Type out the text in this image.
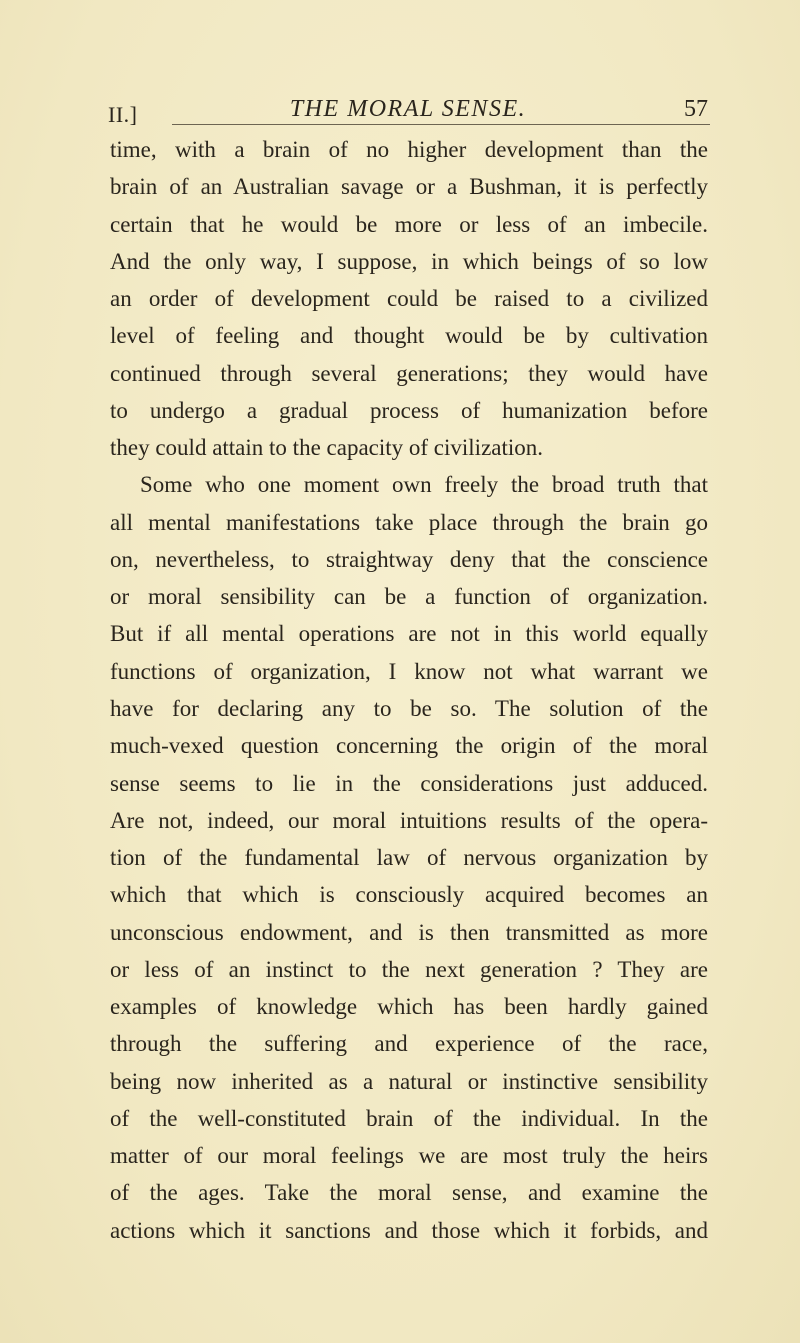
II.]	THE MORAL SENSE.	57
time, with a brain of no higher development than the
brain of an Australian savage or a Bushman, it is perfectly
certain that he would be more or less of an imbecile.
And the only way, I suppose, in which beings of so low
an order of development could be raised to a civilized
level of feeling and thought would be by cultivation
continued through several generations; they would have
to undergo a gradual process of humanization before
they could attain to the capacity of civilization.
Some who one moment own freely the broad truth that
all mental manifestations take place through the brain go
on, nevertheless, to straightway deny that the conscience
or moral sensibility can be a function of organization.
But if all mental operations are not in this world equally
functions of organization, I know not what warrant we
have for declaring any to be so. The solution of the
much-vexed question concerning the origin of the moral
sense seems to lie in the considerations just adduced.
Are not, indeed, our moral intuitions results of the opera-
tion of the fundamental law of nervous organization by
which that which is consciously acquired becomes an
unconscious endowment, and is then transmitted as more
or less of an instinct to the next generation ? They are
examples of knowledge which has been hardly gained
through the suffering and experience of the race,
being now inherited as a natural or instinctive sensibility
of the well-constituted brain of the individual. In the
matter of our moral feelings we are most truly the heirs
of the ages. Take the moral sense, and examine the
actions which it sanctions and those which it forbids, and
